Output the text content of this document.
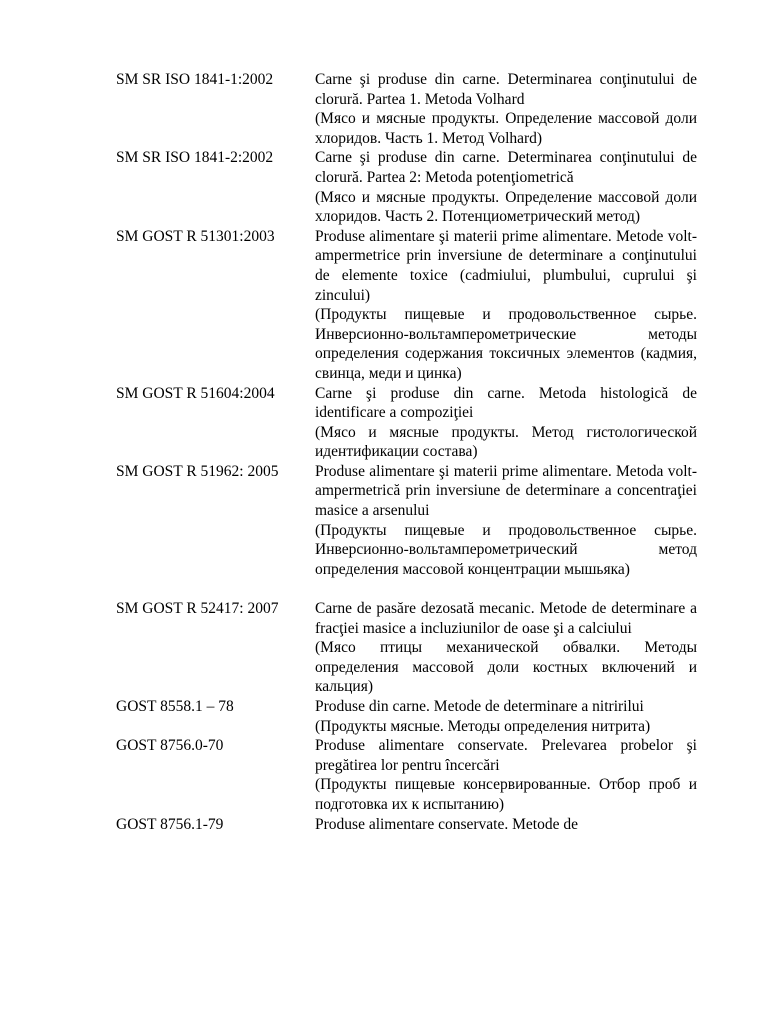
SM SR ISO 1841-1:2002	Carne şi produse din carne. Determinarea conţinutului de clorură. Partea 1. Metoda Volhard

(Мясо и мясные продукты. Определение массовой доли хлоридов. Часть 1. Метод Volhard)

SM SR ISO 1841-2:2002	Carne şi produse din carne. Determinarea conţinutului de clorură. Partea 2: Metoda potenţiometrică

(Мясо и мясные продукты. Определение массовой доли хлоридов. Часть 2. Потенциометрический метод)

SM GOST R 51301:2003	Produse alimentare şi materii prime alimentare. Metode volt-ampermetrice prin inversiune de determinare a conţinutului de elemente toxice (cadmiului, plumbului, cuprului şi zincului)

(Продукты пищевые и продовольственное сырье. Инверсионно-вольтамперометрические методы определения содержания токсичных элементов (кадмия, свинца, меди и цинка)

SM GOST R 51604:2004	Carne şi produse din carne. Metoda histologică de identificare a compoziţiei

(Мясо и мясные продукты. Метод гистологической идентификации состава)

SM GOST R 51962: 2005	Produse alimentare şi materii prime alimentare. Metoda volt-ampermetrică prin inversiune de determinare a concentraţiei masice a arsenului

(Продукты пищевые и продовольственное сырье. Инверсионно-вольтамперометрический метод определения массовой концентрации мышьяка)

SM GOST R 52417: 2007	Carne de pasăre dezosată mecanic. Metode de determinare a fracţiei masice a incluziunilor de oase şi a calciului

(Мясо птицы механической обвалки. Методы определения массовой доли костных включений и кальция)

GOST 8558.1 – 78	Produse din carne. Metode de determinare a nitririlui

(Продукты мясные. Методы определения нитрита)

GOST 8756.0-70	Produse alimentare conservate. Prelevarea probelor şi pregătirea lor pentru încercări

(Продукты пищевые консервированные. Отбор проб и подготовка их к испытанию)

GOST 8756.1-79	Produse alimentare conservate. Metode de
